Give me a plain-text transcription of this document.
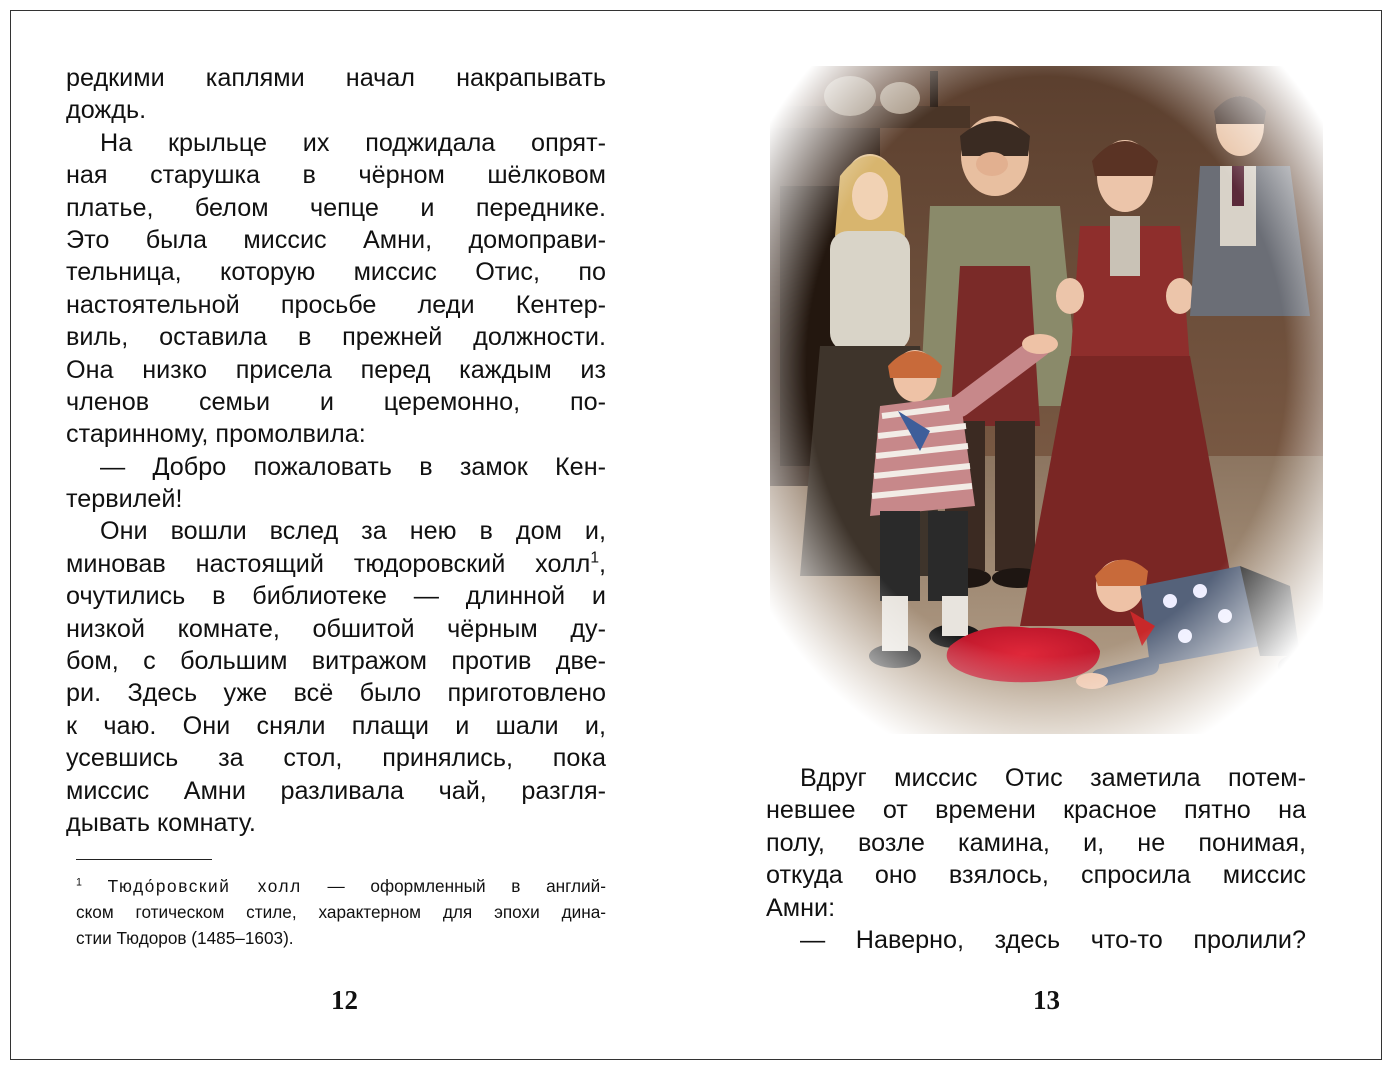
редкими каплями начал накрапывать
дождь.
На крыльце их поджидала опрят-
ная старушка в чёрном шёлковом
платье, белом чепце и переднике.
Это была миссис Амни, домоправи-
тельница, которую миссис Отис, по
настоятельной просьбе леди Кентер-
виль, оставила в прежней должности.
Она низко присела перед каждым из
членов семьи и церемонно, по-
старинному, промолвила:
— Добро пожаловать в замок Кен-
тервилей!
Они вошли вслед за нею в дом и,
миновав настоящий тюдоровский холл$^1$,
очутились в библиотеке — длинной и
низкой комнате, обшитой чёрным ду-
бом, с большим витражом против две-
ри. Здесь уже всё было приготовлено
к чаю. Они сняли плащи и шали и,
усевшись за стол, принялись, пока
миссис Амни разливала чай, разгля-
дывать комнату.
$^1$ Тюдо́ровский холл — оформленный в англий-
ском готическом стиле, характерном для эпохи дина-
стии Тюдоров (1485–1603).
12
Вдруг миссис Отис заметила потем-
невшее от времени красное пятно на
полу, возле камина, и, не понимая,
откуда оно взялось, спросила миссис
Амни:
— Наверно, здесь что-то пролили?
13
